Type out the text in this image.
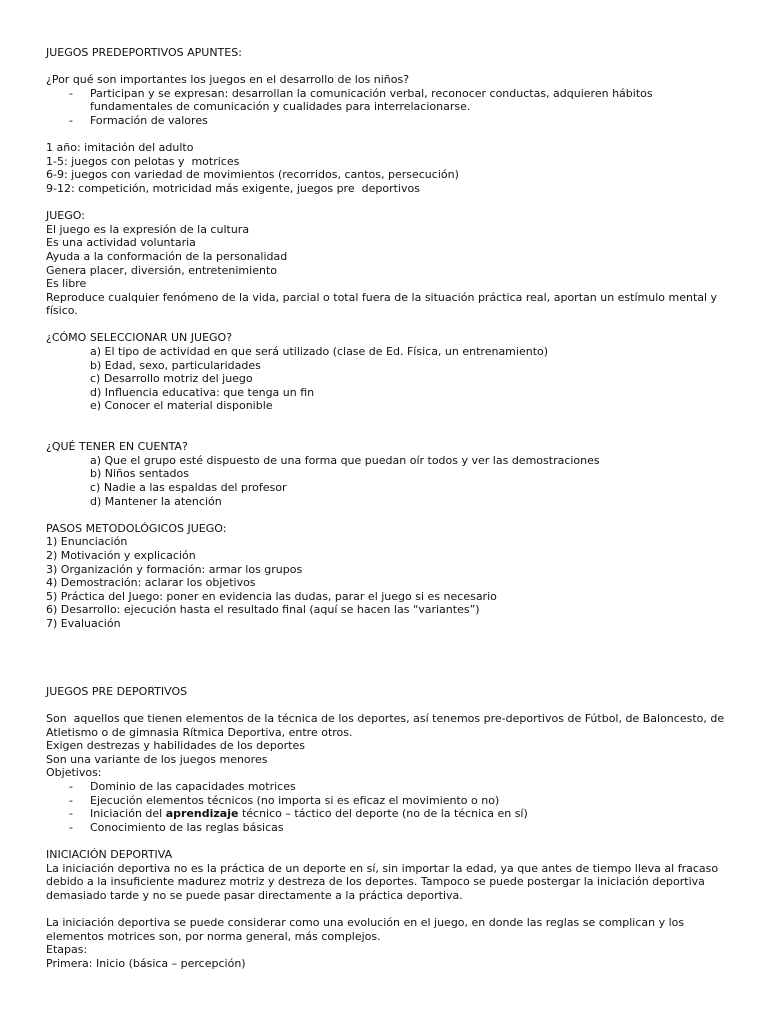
JUEGOS PREDEPORTIVOS APUNTES:
¿Por qué son importantes los juegos en el desarrollo de los niños?
- Participan y se expresan: desarrollan la comunicación verbal, reconocer conductas, adquieren hábitos fundamentales de comunicación y cualidades para interrelacionarse.
- Formación de valores
1 año: imitación del adulto
1-5: juegos con pelotas y  motrices
6-9: juegos con variedad de movimientos (recorridos, cantos, persecución)
9-12: competición, motricidad más exigente, juegos pre  deportivos
JUEGO:
El juego es la expresión de la cultura
Es una actividad voluntaria
Ayuda a la conformación de la personalidad
Genera placer, diversión, entretenimiento
Es libre
Reproduce cualquier fenómeno de la vida, parcial o total fuera de la situación práctica real, aportan un estímulo mental y físico.
¿CÓMO SELECCIONAR UN JUEGO?
a) El tipo de actividad en que será utilizado (clase de Ed. Física, un entrenamiento)
b) Edad, sexo, particularidades
c) Desarrollo motriz del juego
d) Influencia educativa: que tenga un fin
e) Conocer el material disponible
¿QUÉ TENER EN CUENTA?
a) Que el grupo esté dispuesto de una forma que puedan oír todos y ver las demostraciones
b) Niños sentados
c) Nadie a las espaldas del profesor
d) Mantener la atención
PASOS METODOLÓGICOS JUEGO:
1) Enunciación
2) Motivación y explicación
3) Organización y formación: armar los grupos
4) Demostración: aclarar los objetivos
5) Práctica del Juego: poner en evidencia las dudas, parar el juego si es necesario
6) Desarrollo: ejecución hasta el resultado final (aquí se hacen las “variantes”)
7) Evaluación
JUEGOS PRE DEPORTIVOS
Son  aquellos que tienen elementos de la técnica de los deportes, así tenemos pre-deportivos de Fútbol, de Baloncesto, de Atletismo o de gimnasia Rítmica Deportiva, entre otros.
Exigen destrezas y habilidades de los deportes
Son una variante de los juegos menores
Objetivos:
- Dominio de las capacidades motrices
- Ejecución elementos técnicos (no importa si es eficaz el movimiento o no)
- Iniciación del aprendizaje técnico – táctico del deporte (no de la técnica en sí)
- Conocimiento de las reglas básicas
INICIACIÓN DEPORTIVA
La iniciación deportiva no es la práctica de un deporte en sí, sin importar la edad, ya que antes de tiempo lleva al fracaso debido a la insuficiente madurez motriz y destreza de los deportes. Tampoco se puede postergar la iniciación deportiva demasiado tarde y no se puede pasar directamente a la práctica deportiva.
La iniciación deportiva se puede considerar como una evolución en el juego, en donde las reglas se complican y los elementos motrices son, por norma general, más complejos.
Etapas:
Primera: Inicio (básica – percepción)
